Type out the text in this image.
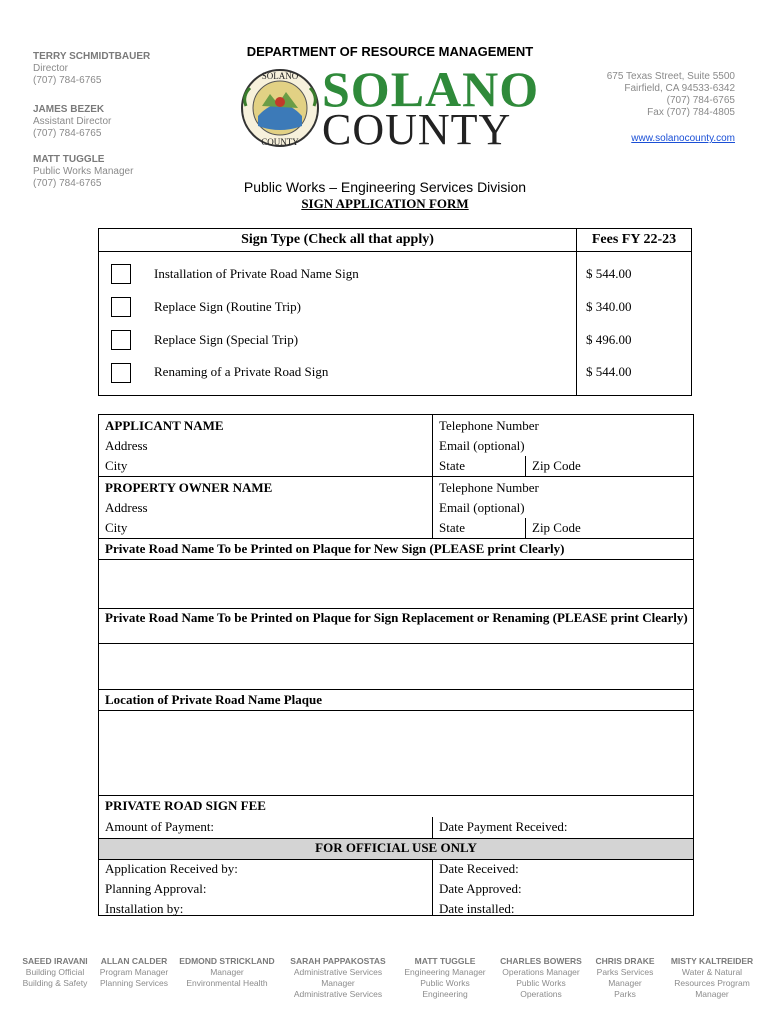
TERRY SCHMIDTBAUER
Director
(707) 784-6765
JAMES BEZEK
Assistant Director
(707) 784-6765
MATT TUGGLE
Public Works Manager
(707) 784-6765
DEPARTMENT OF RESOURCE MANAGEMENT
SOLANO
COUNTY
SOLANO
COUNTY
675 Texas Street, Suite 5500
Fairfield, CA 94533-6342
(707) 784-6765
Fax (707) 784-4805
www.solanocounty.com
Public Works – Engineering Services Division
SIGN APPLICATION FORM
Sign Type (Check all that apply)	Fees FY 22-23
Installation of Private Road Name Sign	$ 544.00
Replace Sign (Routine Trip)	$ 340.00
Replace Sign (Special Trip)	$ 496.00
Renaming of a Private Road Sign	$ 544.00
APPLICANT NAME	Telephone Number
Address	Email (optional)
City	State	Zip Code
PROPERTY OWNER NAME	Telephone Number
Address	Email (optional)
City	State	Zip Code
Private Road Name To be Printed on Plaque for New Sign (PLEASE print Clearly)
Private Road Name To be Printed on Plaque for Sign Replacement or Renaming (PLEASE print Clearly)
Location of Private Road Name Plaque
PRIVATE ROAD SIGN FEE
Amount of Payment:	Date Payment Received:
FOR OFFICIAL USE ONLY
Application Received by:	Date Received:
Planning Approval:	Date Approved:
Installation by:	Date installed:
SAEED IRAVANI
Building Official
Building & Safety
ALLAN CALDER
Program Manager
Planning Services
EDMOND STRICKLAND
Manager
Environmental Health
SARAH PAPPAKOSTAS
Administrative Services
Manager
Administrative Services
MATT TUGGLE
Engineering Manager
Public Works
Engineering
CHARLES BOWERS
Operations Manager
Public Works
Operations
CHRIS DRAKE
Parks Services
Manager
Parks
MISTY KALTREIDER
Water & Natural
Resources Program
Manager
